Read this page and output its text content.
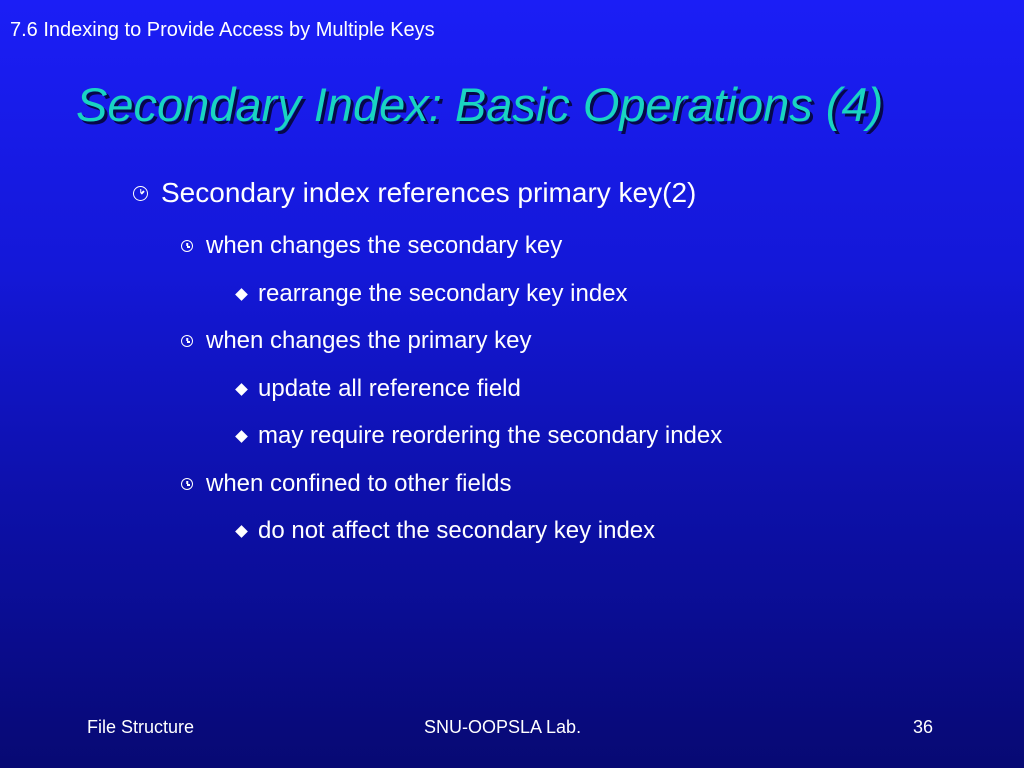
7.6 Indexing to Provide Access by Multiple Keys
Secondary Index: Basic Operations (4)
Secondary index references primary key(2)
when changes the secondary key
rearrange the secondary key index
when changes the primary key
update all reference field
may require reordering the secondary index
when confined to other fields
do not affect the secondary key index
File Structure	SNU-OOPSLA Lab.	36
